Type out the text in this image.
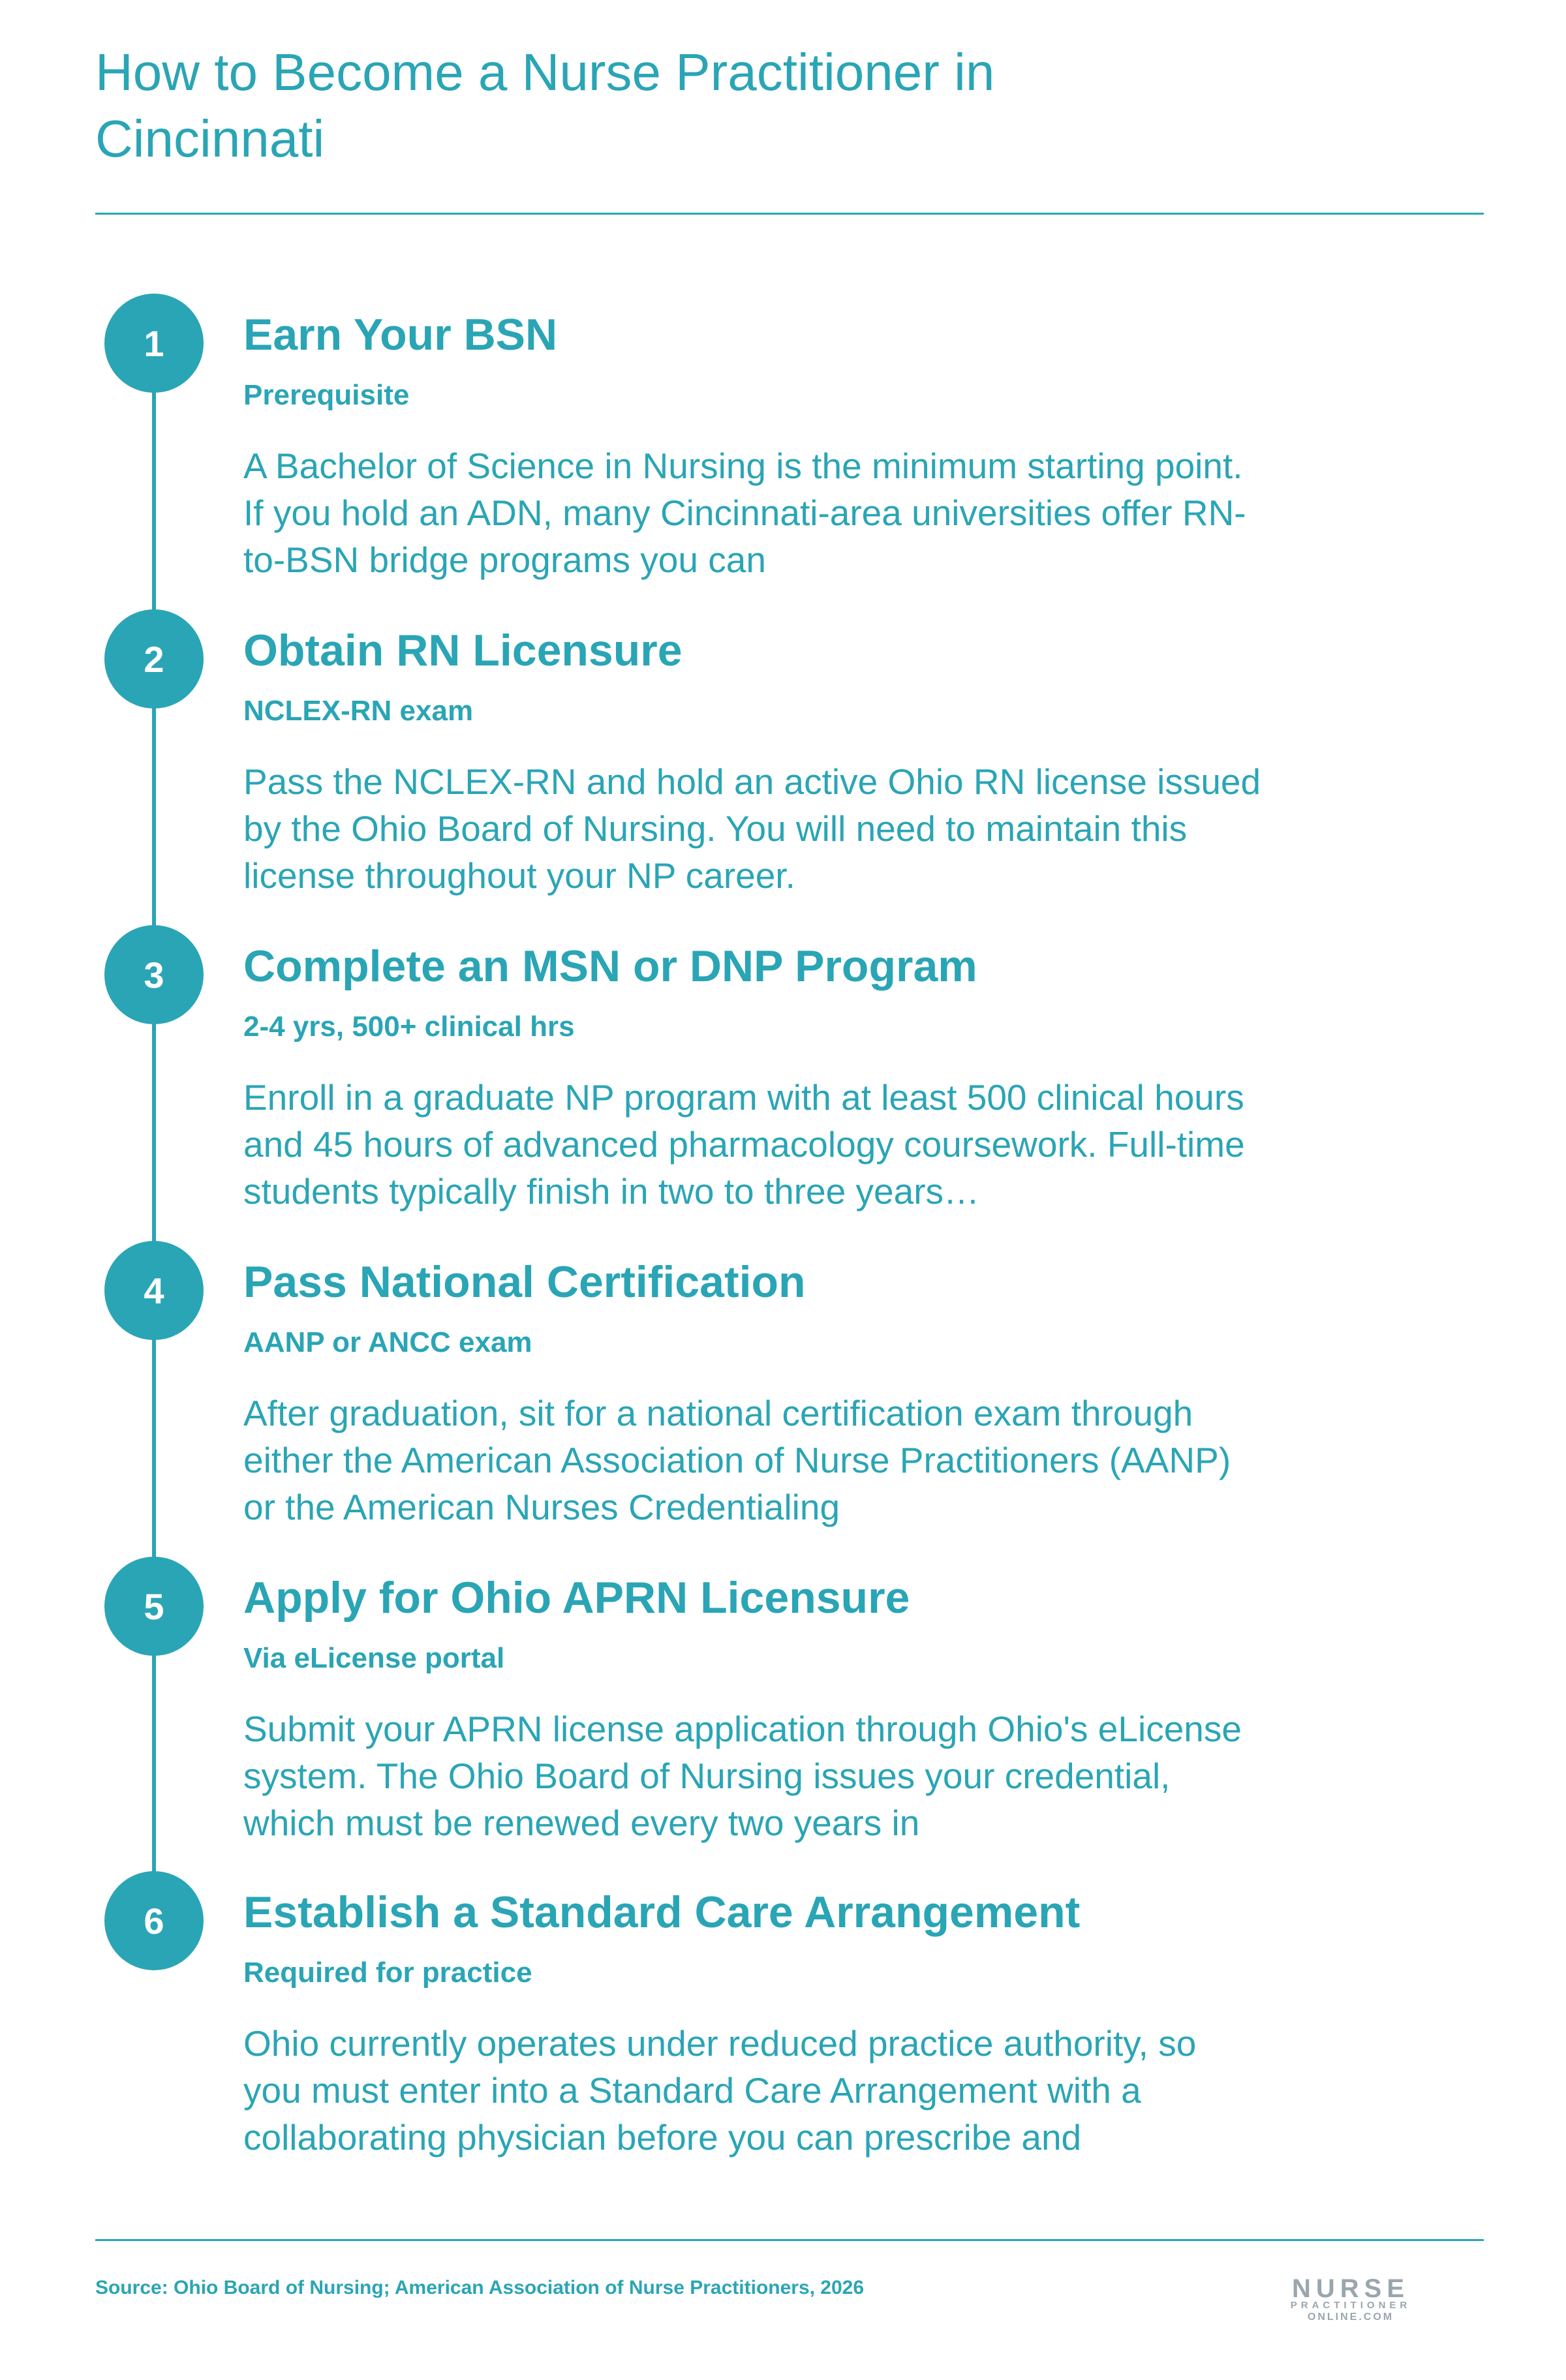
How to Become a Nurse Practitioner in Cincinnati
1	Earn Your BSN
Prerequisite

A Bachelor of Science in Nursing is the minimum starting point. If you hold an ADN, many Cincinnati-area universities offer RN-to-BSN bridge programs you can

2	Obtain RN Licensure
NCLEX-RN exam

Pass the NCLEX-RN and hold an active Ohio RN license issued by the Ohio Board of Nursing. You will need to maintain this license throughout your NP career.

3	Complete an MSN or DNP Program
2-4 yrs, 500+ clinical hrs

Enroll in a graduate NP program with at least 500 clinical hours and 45 hours of advanced pharmacology coursework. Full-time students typically finish in two to three years…

4	Pass National Certification
AANP or ANCC exam

After graduation, sit for a national certification exam through either the American Association of Nurse Practitioners (AANP) or the American Nurses Credentialing

5	Apply for Ohio APRN Licensure
Via eLicense portal

Submit your APRN license application through Ohio's eLicense system. The Ohio Board of Nursing issues your credential, which must be renewed every two years in

6	Establish a Standard Care Arrangement
Required for practice

Ohio currently operates under reduced practice authority, so you must enter into a Standard Care Arrangement with a collaborating physician before you can prescribe and

Source: Ohio Board of Nursing; American Association of Nurse Practitioners, 2026	NURSE
PRACTITIONER
ONLINE.COM
